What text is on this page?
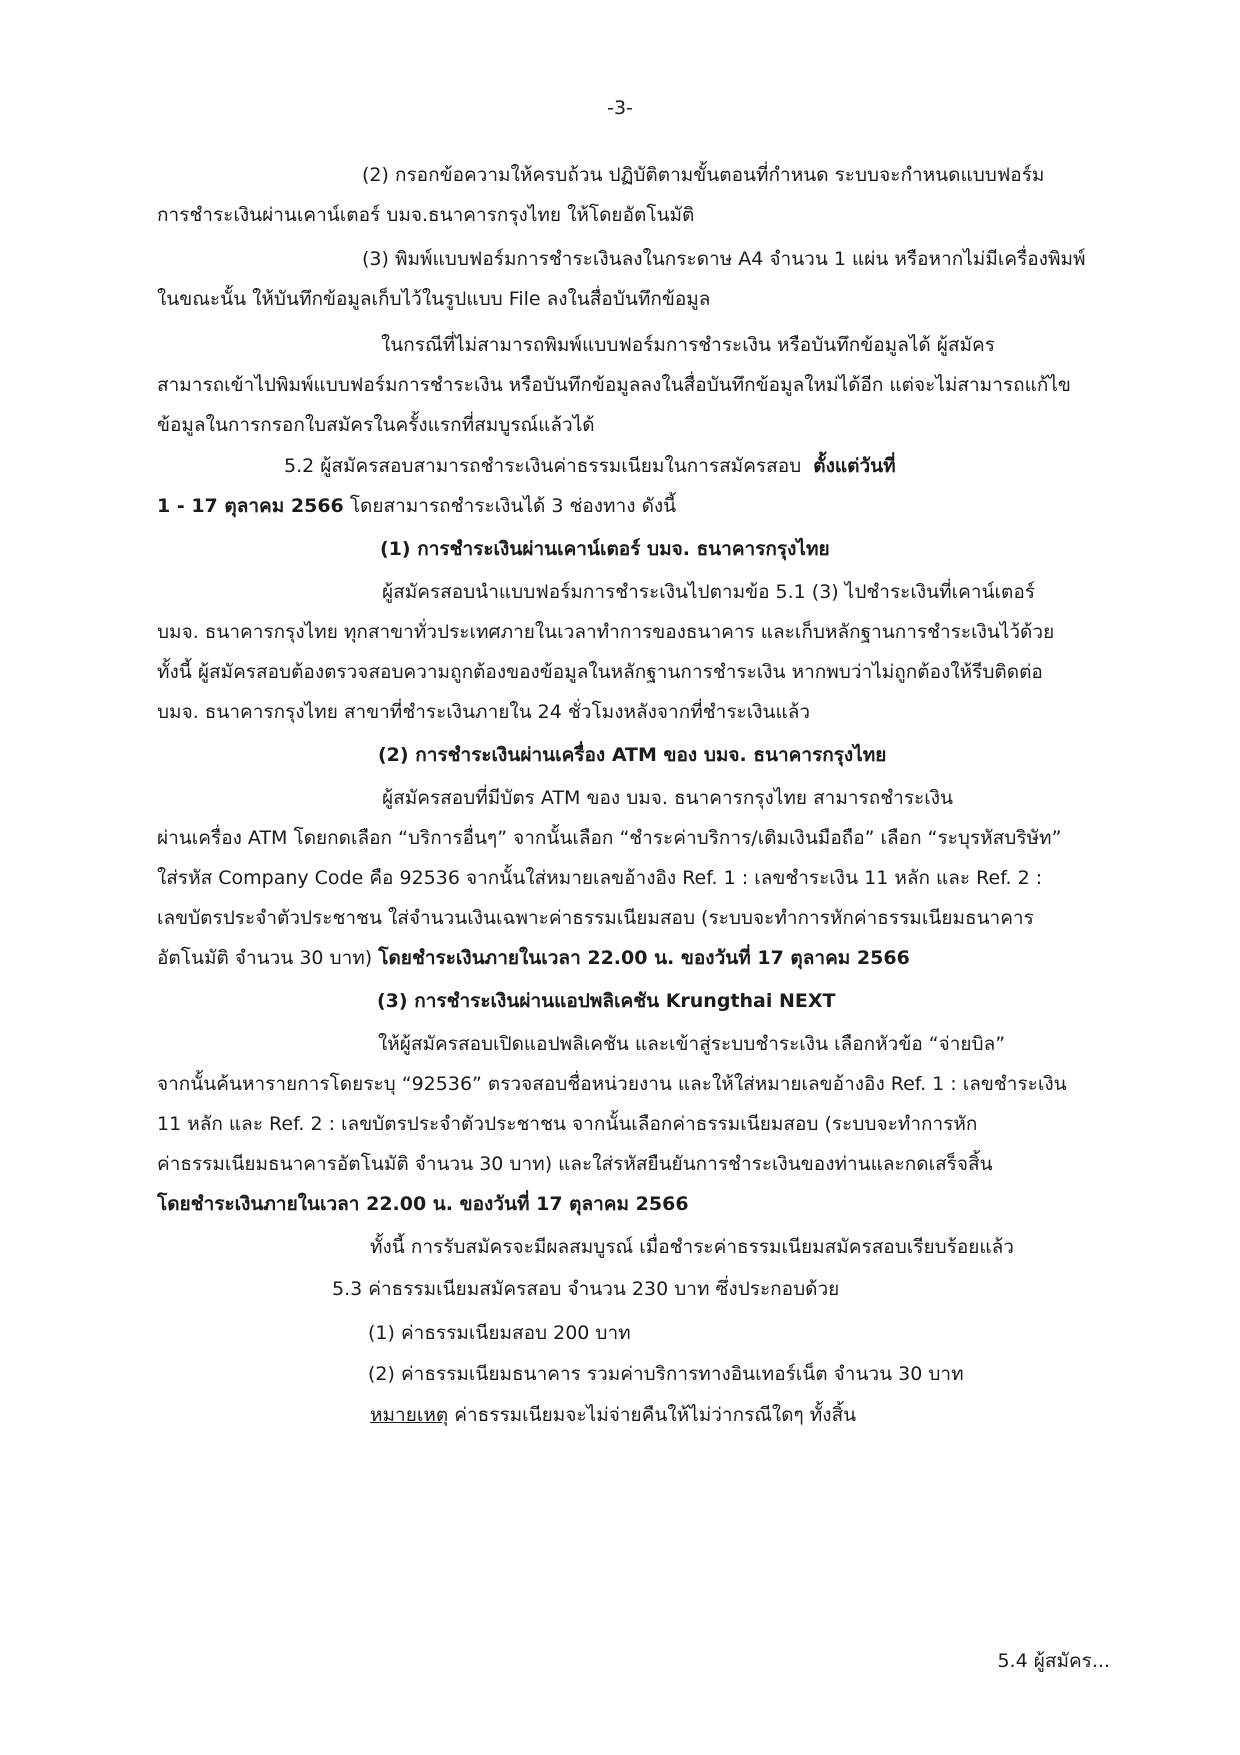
-3-
(2) กรอกข้อความให้ครบถ้วน ปฏิบัติตามขั้นตอนที่กำหนด ระบบจะกำหนดแบบฟอร์ม
การชำระเงินผ่านเคาน์เตอร์ บมจ.ธนาคารกรุงไทย ให้โดยอัตโนมัติ
(3) พิมพ์แบบฟอร์มการชำระเงินลงในกระดาษ A4 จำนวน 1 แผ่น หรือหากไม่มีเครื่องพิมพ์
ในขณะนั้น ให้บันทึกข้อมูลเก็บไว้ในรูปแบบ File ลงในสื่อบันทึกข้อมูล
ในกรณีที่ไม่สามารถพิมพ์แบบฟอร์มการชำระเงิน หรือบันทึกข้อมูลได้ ผู้สมัคร
สามารถเข้าไปพิมพ์แบบฟอร์มการชำระเงิน หรือบันทึกข้อมูลลงในสื่อบันทึกข้อมูลใหม่ได้อีก แต่จะไม่สามารถแก้ไข
ข้อมูลในการกรอกใบสมัครในครั้งแรกที่สมบูรณ์แล้วได้
5.2 ผู้สมัครสอบสามารถชำระเงินค่าธรรมเนียมในการสมัครสอบ ตั้งแต่วันที่
1 - 17 ตุลาคม 2566 โดยสามารถชำระเงินได้ 3 ช่องทาง ดังนี้
(1) การชำระเงินผ่านเคาน์เตอร์ บมจ. ธนาคารกรุงไทย
ผู้สมัครสอบนำแบบฟอร์มการชำระเงินไปตามข้อ 5.1 (3) ไปชำระเงินที่เคาน์เตอร์
บมจ. ธนาคารกรุงไทย ทุกสาขาทั่วประเทศภายในเวลาทำการของธนาคาร และเก็บหลักฐานการชำระเงินไว้ด้วย
ทั้งนี้ ผู้สมัครสอบต้องตรวจสอบความถูกต้องของข้อมูลในหลักฐานการชำระเงิน หากพบว่าไม่ถูกต้องให้รีบติดต่อ
บมจ. ธนาคารกรุงไทย สาขาที่ชำระเงินภายใน 24 ชั่วโมงหลังจากที่ชำระเงินแล้ว
(2) การชำระเงินผ่านเครื่อง ATM ของ บมจ. ธนาคารกรุงไทย
ผู้สมัครสอบที่มีบัตร ATM ของ บมจ. ธนาคารกรุงไทย สามารถชำระเงิน
ผ่านเครื่อง ATM โดยกดเลือก “บริการอื่นๆ” จากนั้นเลือก “ชำระค่าบริการ/เติมเงินมือถือ” เลือก “ระบุรหัสบริษัท”
ใส่รหัส Company Code คือ 92536 จากนั้นใส่หมายเลขอ้างอิง Ref. 1 : เลขชำระเงิน 11 หลัก และ Ref. 2 :
เลขบัตรประจำตัวประชาชน ใส่จำนวนเงินเฉพาะค่าธรรมเนียมสอบ (ระบบจะทำการหักค่าธรรมเนียมธนาคาร
อัตโนมัติ จำนวน 30 บาท) โดยชำระเงินภายในเวลา 22.00 น. ของวันที่ 17 ตุลาคม 2566
(3) การชำระเงินผ่านแอปพลิเคชัน Krungthai NEXT
ให้ผู้สมัครสอบเปิดแอปพลิเคชัน และเข้าสู่ระบบชำระเงิน เลือกหัวข้อ “จ่ายบิล”
จากนั้นค้นหารายการโดยระบุ “92536” ตรวจสอบชื่อหน่วยงาน และให้ใส่หมายเลขอ้างอิง Ref. 1 : เลขชำระเงิน
11 หลัก และ Ref. 2 : เลขบัตรประจำตัวประชาชน จากนั้นเลือกค่าธรรมเนียมสอบ (ระบบจะทำการหัก
ค่าธรรมเนียมธนาคารอัตโนมัติ จำนวน 30 บาท) และใส่รหัสยืนยันการชำระเงินของท่านและกดเสร็จสิ้น
โดยชำระเงินภายในเวลา 22.00 น. ของวันที่ 17 ตุลาคม 2566
ทั้งนี้ การรับสมัครจะมีผลสมบูรณ์ เมื่อชำระค่าธรรมเนียมสมัครสอบเรียบร้อยแล้ว
5.3 ค่าธรรมเนียมสมัครสอบ จำนวน 230 บาท ซึ่งประกอบด้วย
(1) ค่าธรรมเนียมสอบ 200 บาท
(2) ค่าธรรมเนียมธนาคาร รวมค่าบริการทางอินเทอร์เน็ต จำนวน 30 บาท
หมายเหตุ ค่าธรรมเนียมจะไม่จ่ายคืนให้ไม่ว่ากรณีใดๆ ทั้งสิ้น
5.4 ผู้สมัคร...
